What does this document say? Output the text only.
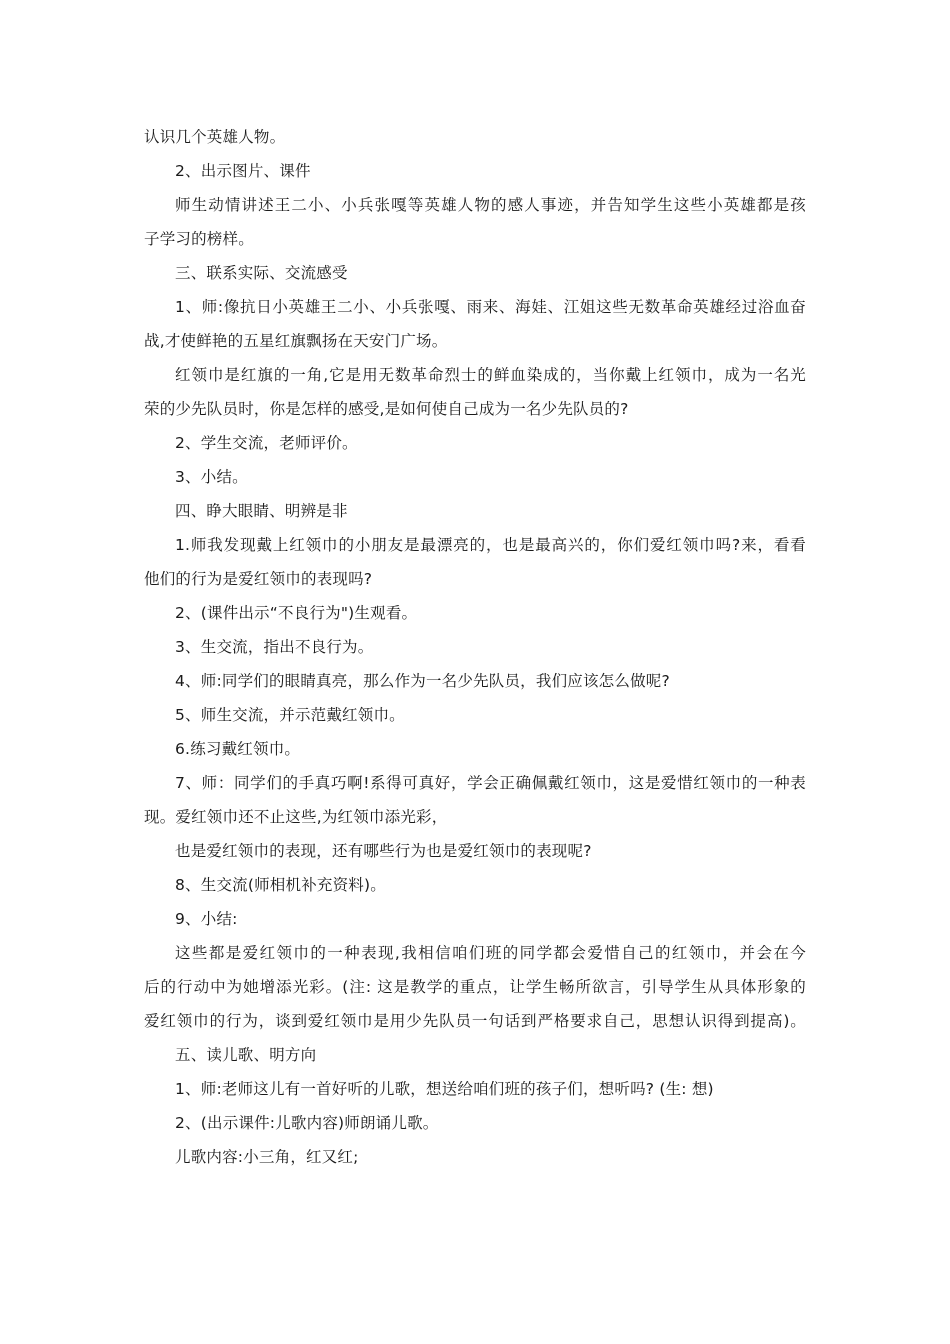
认识几个英雄人物。
2、出示图片、课件
师生动情讲述王二小、小兵张嘎等英雄人物的感人事迹，并告知学生这些小英雄都是孩
子学习的榜样。
三、联系实际、交流感受
1、师:像抗日小英雄王二小、小兵张嘎、雨来、海娃、江姐这些无数革命英雄经过浴血奋
战,才使鲜艳的五星红旗飘扬在天安门广场。
红领巾是红旗的一角,它是用无数革命烈士的鲜血染成的，当你戴上红领巾，成为一名光
荣的少先队员时，你是怎样的感受,是如何使自己成为一名少先队员的?
2、学生交流，老师评价。
3、小结。
四、睁大眼睛、明辨是非
1.师我发现戴上红领巾的小朋友是最漂亮的，也是最高兴的，你们爱红领巾吗?来，看看
他们的行为是爱红领巾的表现吗?
2、(课件出示“不良行为")生观看。
3、生交流，指出不良行为。
4、师:同学们的眼睛真亮，那么作为一名少先队员，我们应该怎么做呢?
5、师生交流，并示范戴红领巾。
6.练习戴红领巾。
7、师：同学们的手真巧啊!系得可真好，学会正确佩戴红领巾，这是爱惜红领巾的一种表
现。爱红领巾还不止这些,为红领巾添光彩，
也是爱红领巾的表现，还有哪些行为也是爱红领巾的表现呢?
8、生交流(师相机补充资料)。
9、小结:
这些都是爱红领巾的一种表现,我相信咱们班的同学都会爱惜自己的红领巾，并会在今
后的行动中为她增添光彩。(注: 这是教学的重点，让学生畅所欲言，引导学生从具体形象的
爱红领巾的行为，谈到爱红领巾是用少先队员一句话到严格要求自己，思想认识得到提高)。
五、读儿歌、明方向
1、师:老师这儿有一首好听的儿歌，想送给咱们班的孩子们，想听吗? (生: 想)
2、(出示课件:儿歌内容)师朗诵儿歌。
儿歌内容:小三角，红又红;
